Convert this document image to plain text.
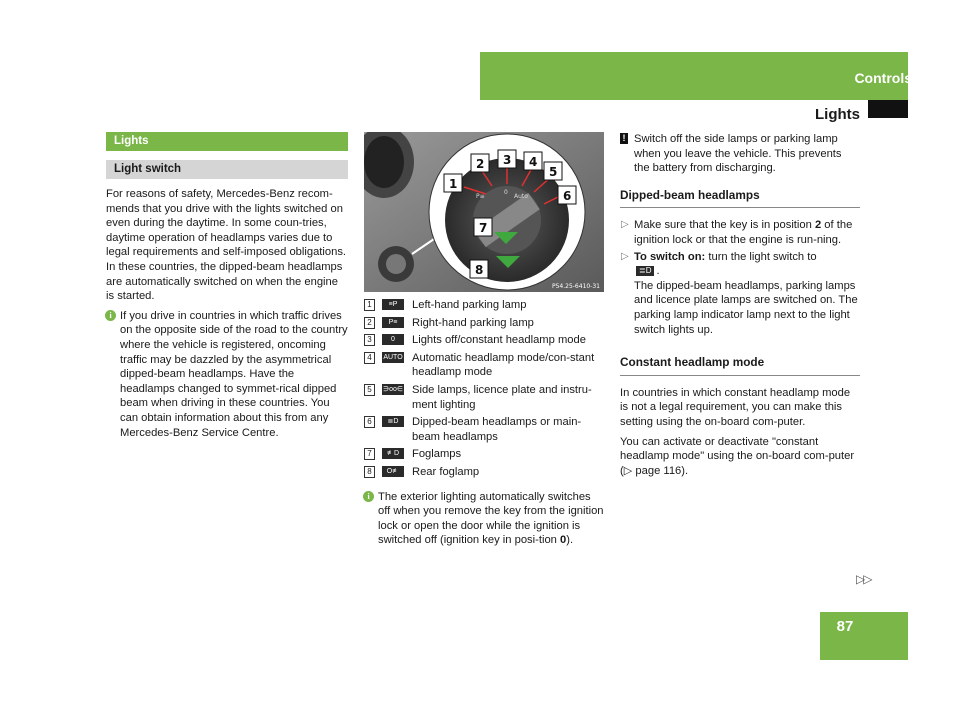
Controls
Lights
Lights
Light switch

For reasons of safety, Mercedes-Benz recom-mends that you drive with the lights switched on even during the daytime. In some coun-tries, daytime operation of headlamps varies due to legal requirements and self-imposed obligations. In these countries, the dipped-beam headlamps are automatically switched on when the engine is started.

i If you drive in countries in which traffic drives on the opposite side of the road to the country where the vehicle is registered, oncoming traffic may be dazzled by the asymmetrical dipped-beam headlamps. Have the headlamps changed to symmet-rical dipped beam when driving in these countries. You can obtain information about this from any Mercedes-Benz Service Centre.

1
2 3 4
5
6
7
8
P≡
0
Auto
P54.25-6410-31
1	≡P	Left-hand parking lamp
2	P≡	Right-hand parking lamp
3	0	Lights off/constant headlamp mode
4	AUTO Automatic headlamp mode/con-stant headlamp mode
5	∋oo∈ Side lamps, licence plate and instru-ment lighting
6	≣D	Dipped-beam headlamps or main-beam headlamps
7	≢D	Foglamps
8	O≢	Rear foglamp

i The exterior lighting automatically switches off when you remove the key from the ignition lock or open the door while the ignition is switched off (ignition key in posi-tion 0).

! Switch off the side lamps or parking lamp when you leave the vehicle. This prevents the battery from discharging.

Dipped-beam headlamps
▷ Make sure that the key is in position 2 of the ignition lock or that the engine is run-ning.
▷ To switch on: turn the light switch to
≣D .
The dipped-beam headlamps, parking lamps and licence plate lamps are switched on. The parking lamp indicator lamp next to the light switch lights up.
Constant headlamp mode

In countries in which constant headlamp mode is not a legal requirement, you can make this setting using the on-board com-puter.

You can activate or deactivate "constant headlamp mode" using the on-board com-puter (▷ page 116).

▷▷
87
